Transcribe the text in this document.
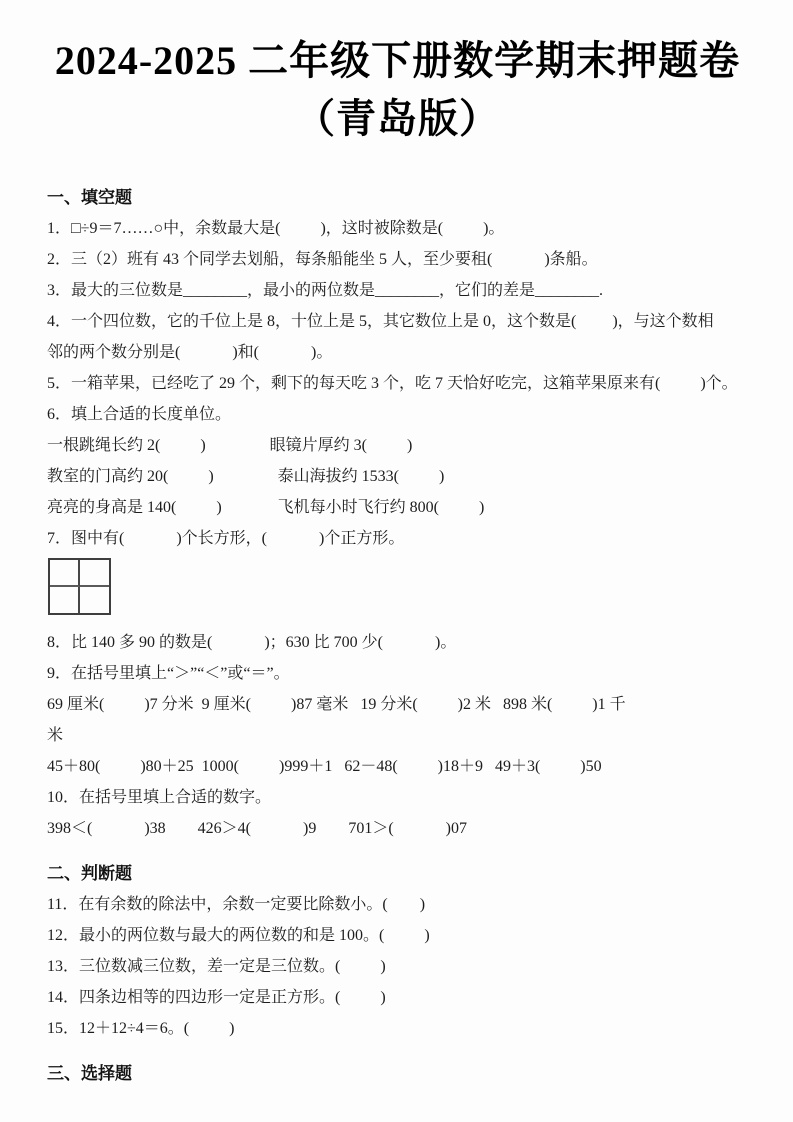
2024-2025 二年级下册数学期末押题卷
（青岛版）
一、填空题

1．□÷9＝7……○中，余数最大是(          )，这时被除数是(          )。

2．三（2）班有 43 个同学去划船，每条船能坐 5 人，至少要租(             )条船。

3．最大的三位数是________，最小的两位数是________，它们的差是________.

4．一个四位数，它的千位上是 8，十位上是 5，其它数位上是 0，这个数是(         )，与这个数相

邻的两个数分别是(             )和(             )。

5．一箱苹果，已经吃了 29 个，剩下的每天吃 3 个，吃 7 天恰好吃完，这箱苹果原来有(          )个。

6．填上合适的长度单位。

一根跳绳长约 2(          )                眼镜片厚约 3(          )

教室的门高约 20(          )                泰山海拔约 1533(          )

亮亮的身高是 140(          )              飞机每小时飞行约 800(          )

7．图中有(             )个长方形，(             )个正方形。

8．比 140 多 90 的数是(             )；630 比 700 少(             )。

9．在括号里填上“＞”“＜”或“＝”。

69 厘米(          )7 分米  9 厘米(          )87 毫米   19 分米(          )2 米   898 米(          )1 千

米

45＋80(          )80＋25  1000(          )999＋1   62－48(          )18＋9   49＋3(          )50

10．在括号里填上合适的数字。

398＜(             )38        426＞4(             )9        701＞(             )07

二、判断题

11．在有余数的除法中，余数一定要比除数小。(        )

12．最小的两位数与最大的两位数的和是 100。(          )

13．三位数减三位数，差一定是三位数。(          )

14．四条边相等的四边形一定是正方形。(          )

15．12＋12÷4＝6。(          )

三、选择题
